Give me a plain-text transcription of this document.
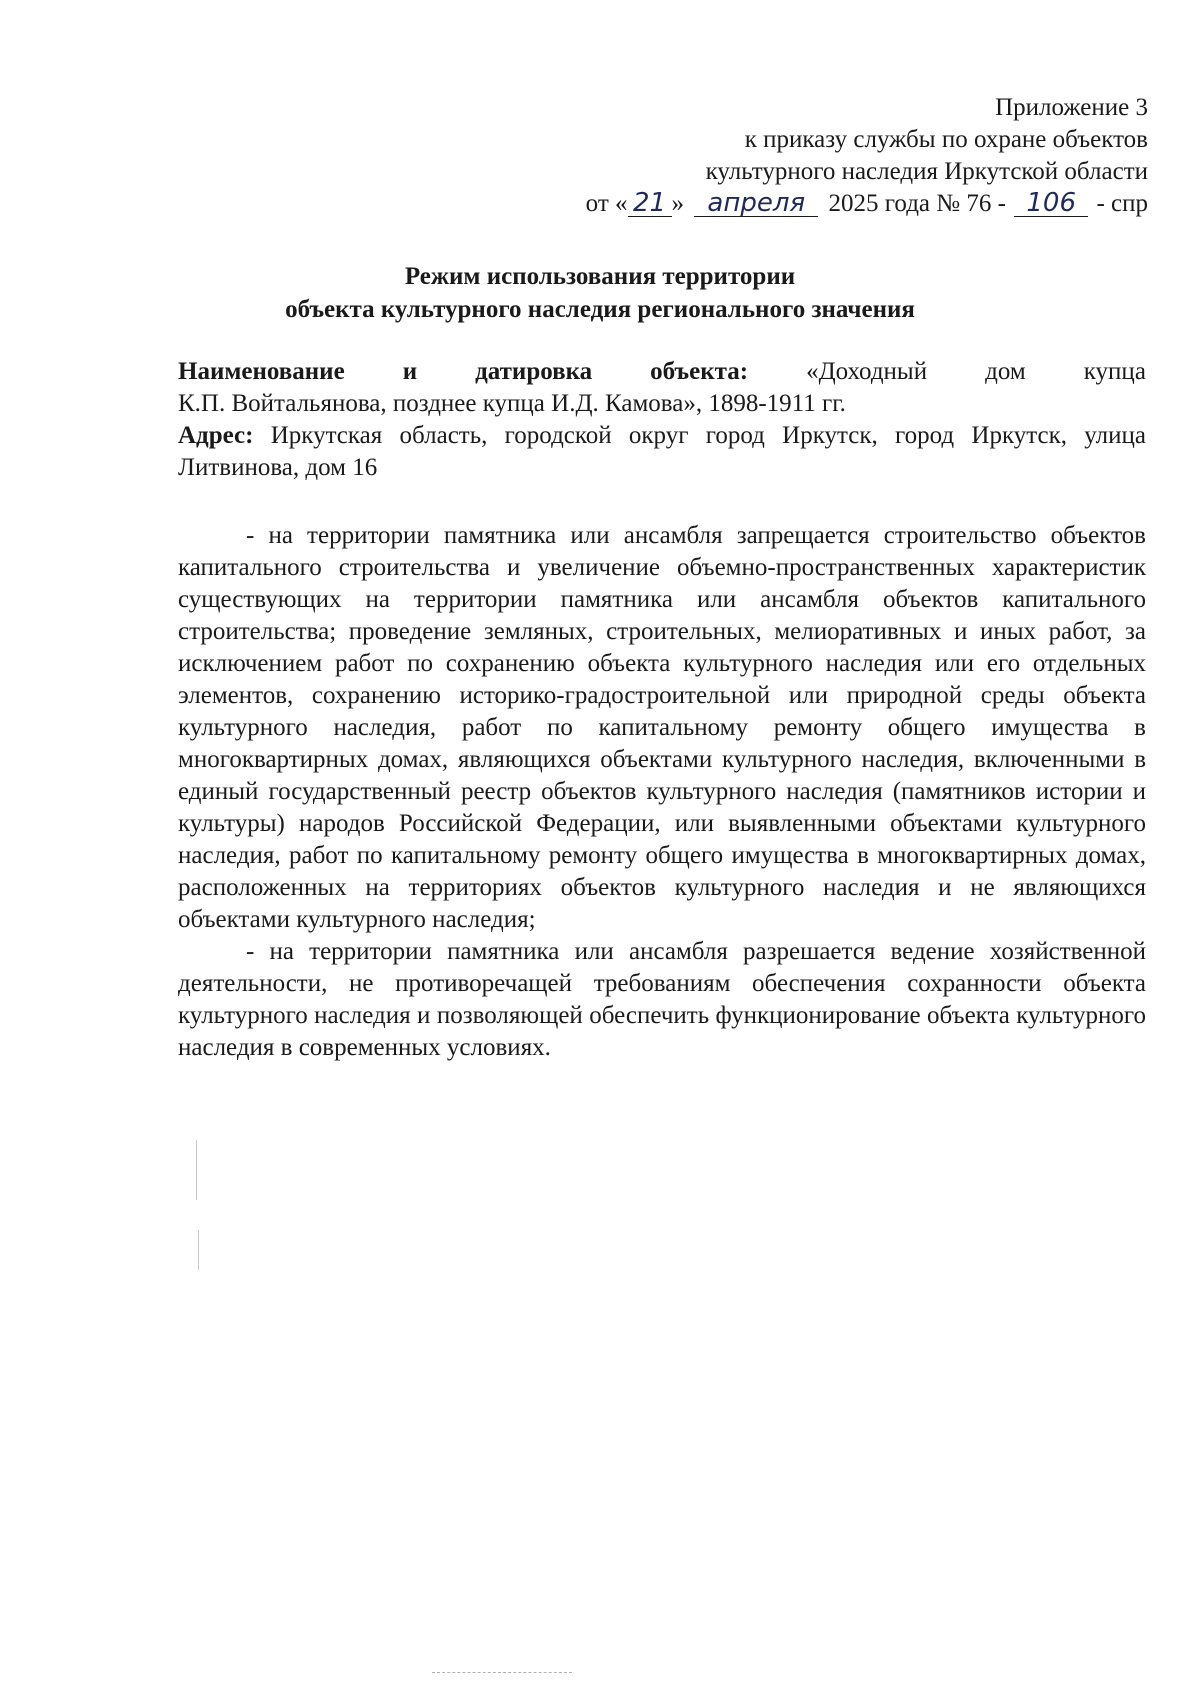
Приложение 3
к приказу службы по охране объектов
культурного наследия Иркутской области
от « 21 » апреля 2025 года № 76 - 106 - спр
Режим использования территории
объекта культурного наследия регионального значения
Наименование и датировка объекта: «Доходный дом купца

К.П. Войтальянова, позднее купца И.Д. Камова», 1898-1911 гг.

Адрес: Иркутская область, городской округ город Иркутск, город Иркутск, улица Литвинова, дом 16

- на территории памятника или ансамбля запрещается строительство объектов капитального строительства и увеличение объемно-пространственных характеристик существующих на территории памятника или ансамбля объектов капитального строительства; проведение земляных, строительных, мелиоративных и иных работ, за исключением работ по сохранению объекта культурного наследия или его отдельных элементов, сохранению историко-градостроительной или природной среды объекта культурного наследия, работ по капитальному ремонту общего имущества в многоквартирных домах, являющихся объектами культурного наследия, включенными в единый государственный реестр объектов культурного наследия (памятников истории и культуры) народов Российской Федерации, или выявленными объектами культурного наследия, работ по капитальному ремонту общего имущества в многоквартирных домах, расположенных на территориях объектов культурного наследия и не являющихся объектами культурного наследия;

- на территории памятника или ансамбля разрешается ведение хозяйственной деятельности, не противоречащей требованиям обеспечения сохранности объекта культурного наследия и позволяющей обеспечить функционирование объекта культурного наследия в современных условиях.
